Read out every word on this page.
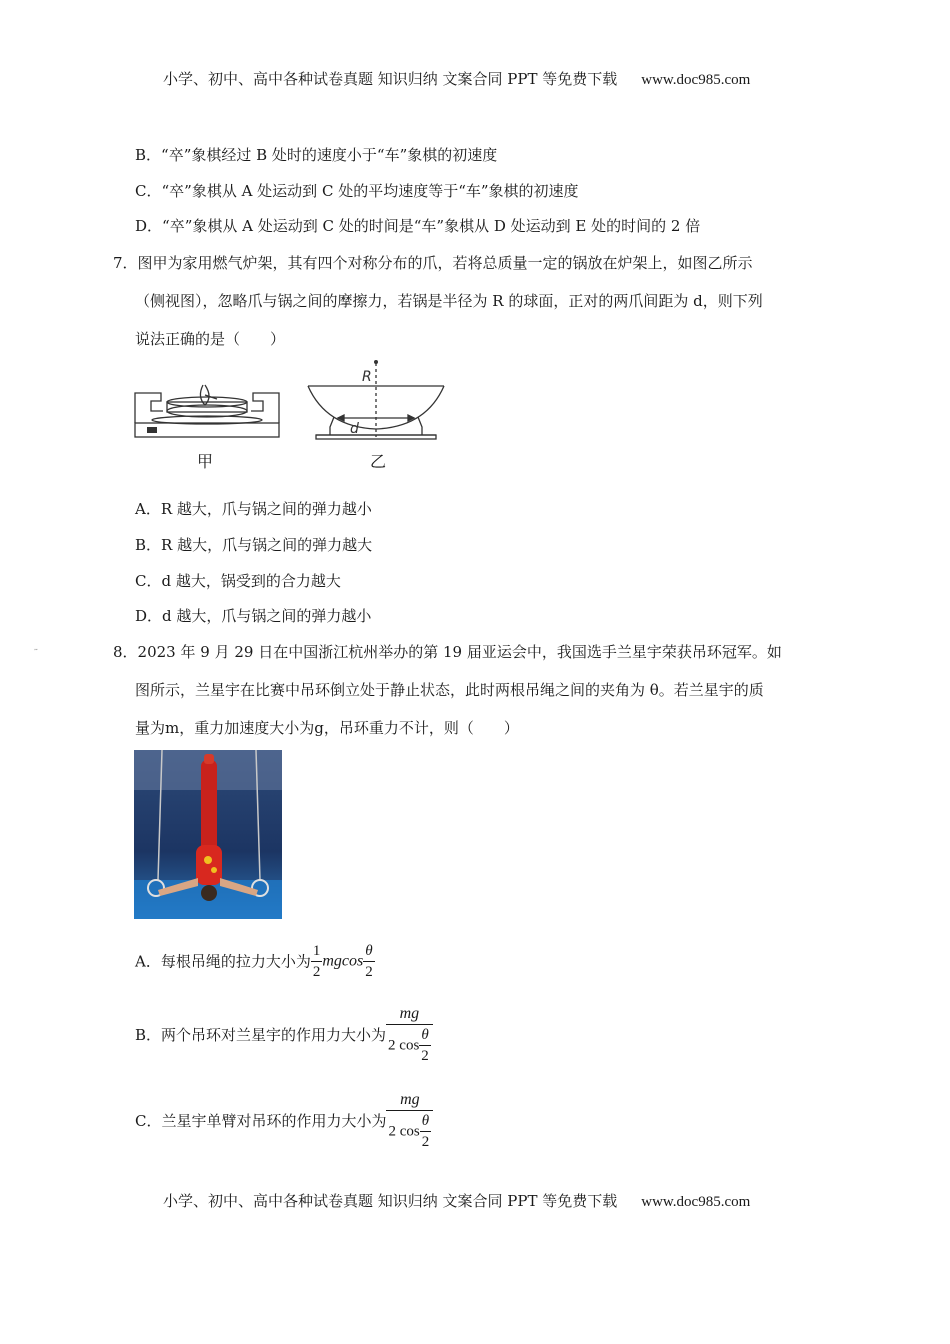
小学、初中、高中各种试卷真题 知识归纳 文案合同 PPT 等免费下载 www.doc985.com
B．“卒”象棋经过 B 处时的速度小于“车”象棋的初速度
C．“卒”象棋从 A 处运动到 C 处的平均速度等于“车”象棋的初速度
D．“卒”象棋从 A 处运动到 C 处的时间是“车”象棋从 D 处运动到 E 处的时间的 2 倍
7．图甲为家用燃气炉架，其有四个对称分布的爪，若将总质量一定的锅放在炉架上，如图乙所示
（侧视图），忽略爪与锅之间的摩擦力，若锅是半径为 R 的球面，正对的两爪间距为 d，则下列
说法正确的是（　　）
甲
R
d
乙
A．R 越大，爪与锅之间的弹力越小
B．R 越大，爪与锅之间的弹力越大
C．d 越大，锅受到的合力越大
D．d 越大，爪与锅之间的弹力越小
8．2023 年 9 月 29 日在中国浙江杭州举办的第 19 届亚运会中，我国选手兰星宇荣获吊环冠军。如
图所示，兰星宇在比赛中吊环倒立处于静止状态，此时两根吊绳之间的夹角为 θ。若兰星宇的质
量为m，重力加速度大小为g，吊环重力不计，则（　　）
吊环倒立
A．每根吊绳的拉力大小为 $\frac{1}{2}$ mgcos $\frac{\theta}{2}$
B．两个吊环对兰星宇的作用力大小为 $\frac{mg}{2 \cos \frac{\theta}{2}}$
C．兰星宇单臂对吊环的作用力大小为 $\frac{mg}{2 \cos \frac{\theta}{2}}$
小学、初中、高中各种试卷真题 知识归纳 文案合同 PPT 等免费下载 www.doc985.com
